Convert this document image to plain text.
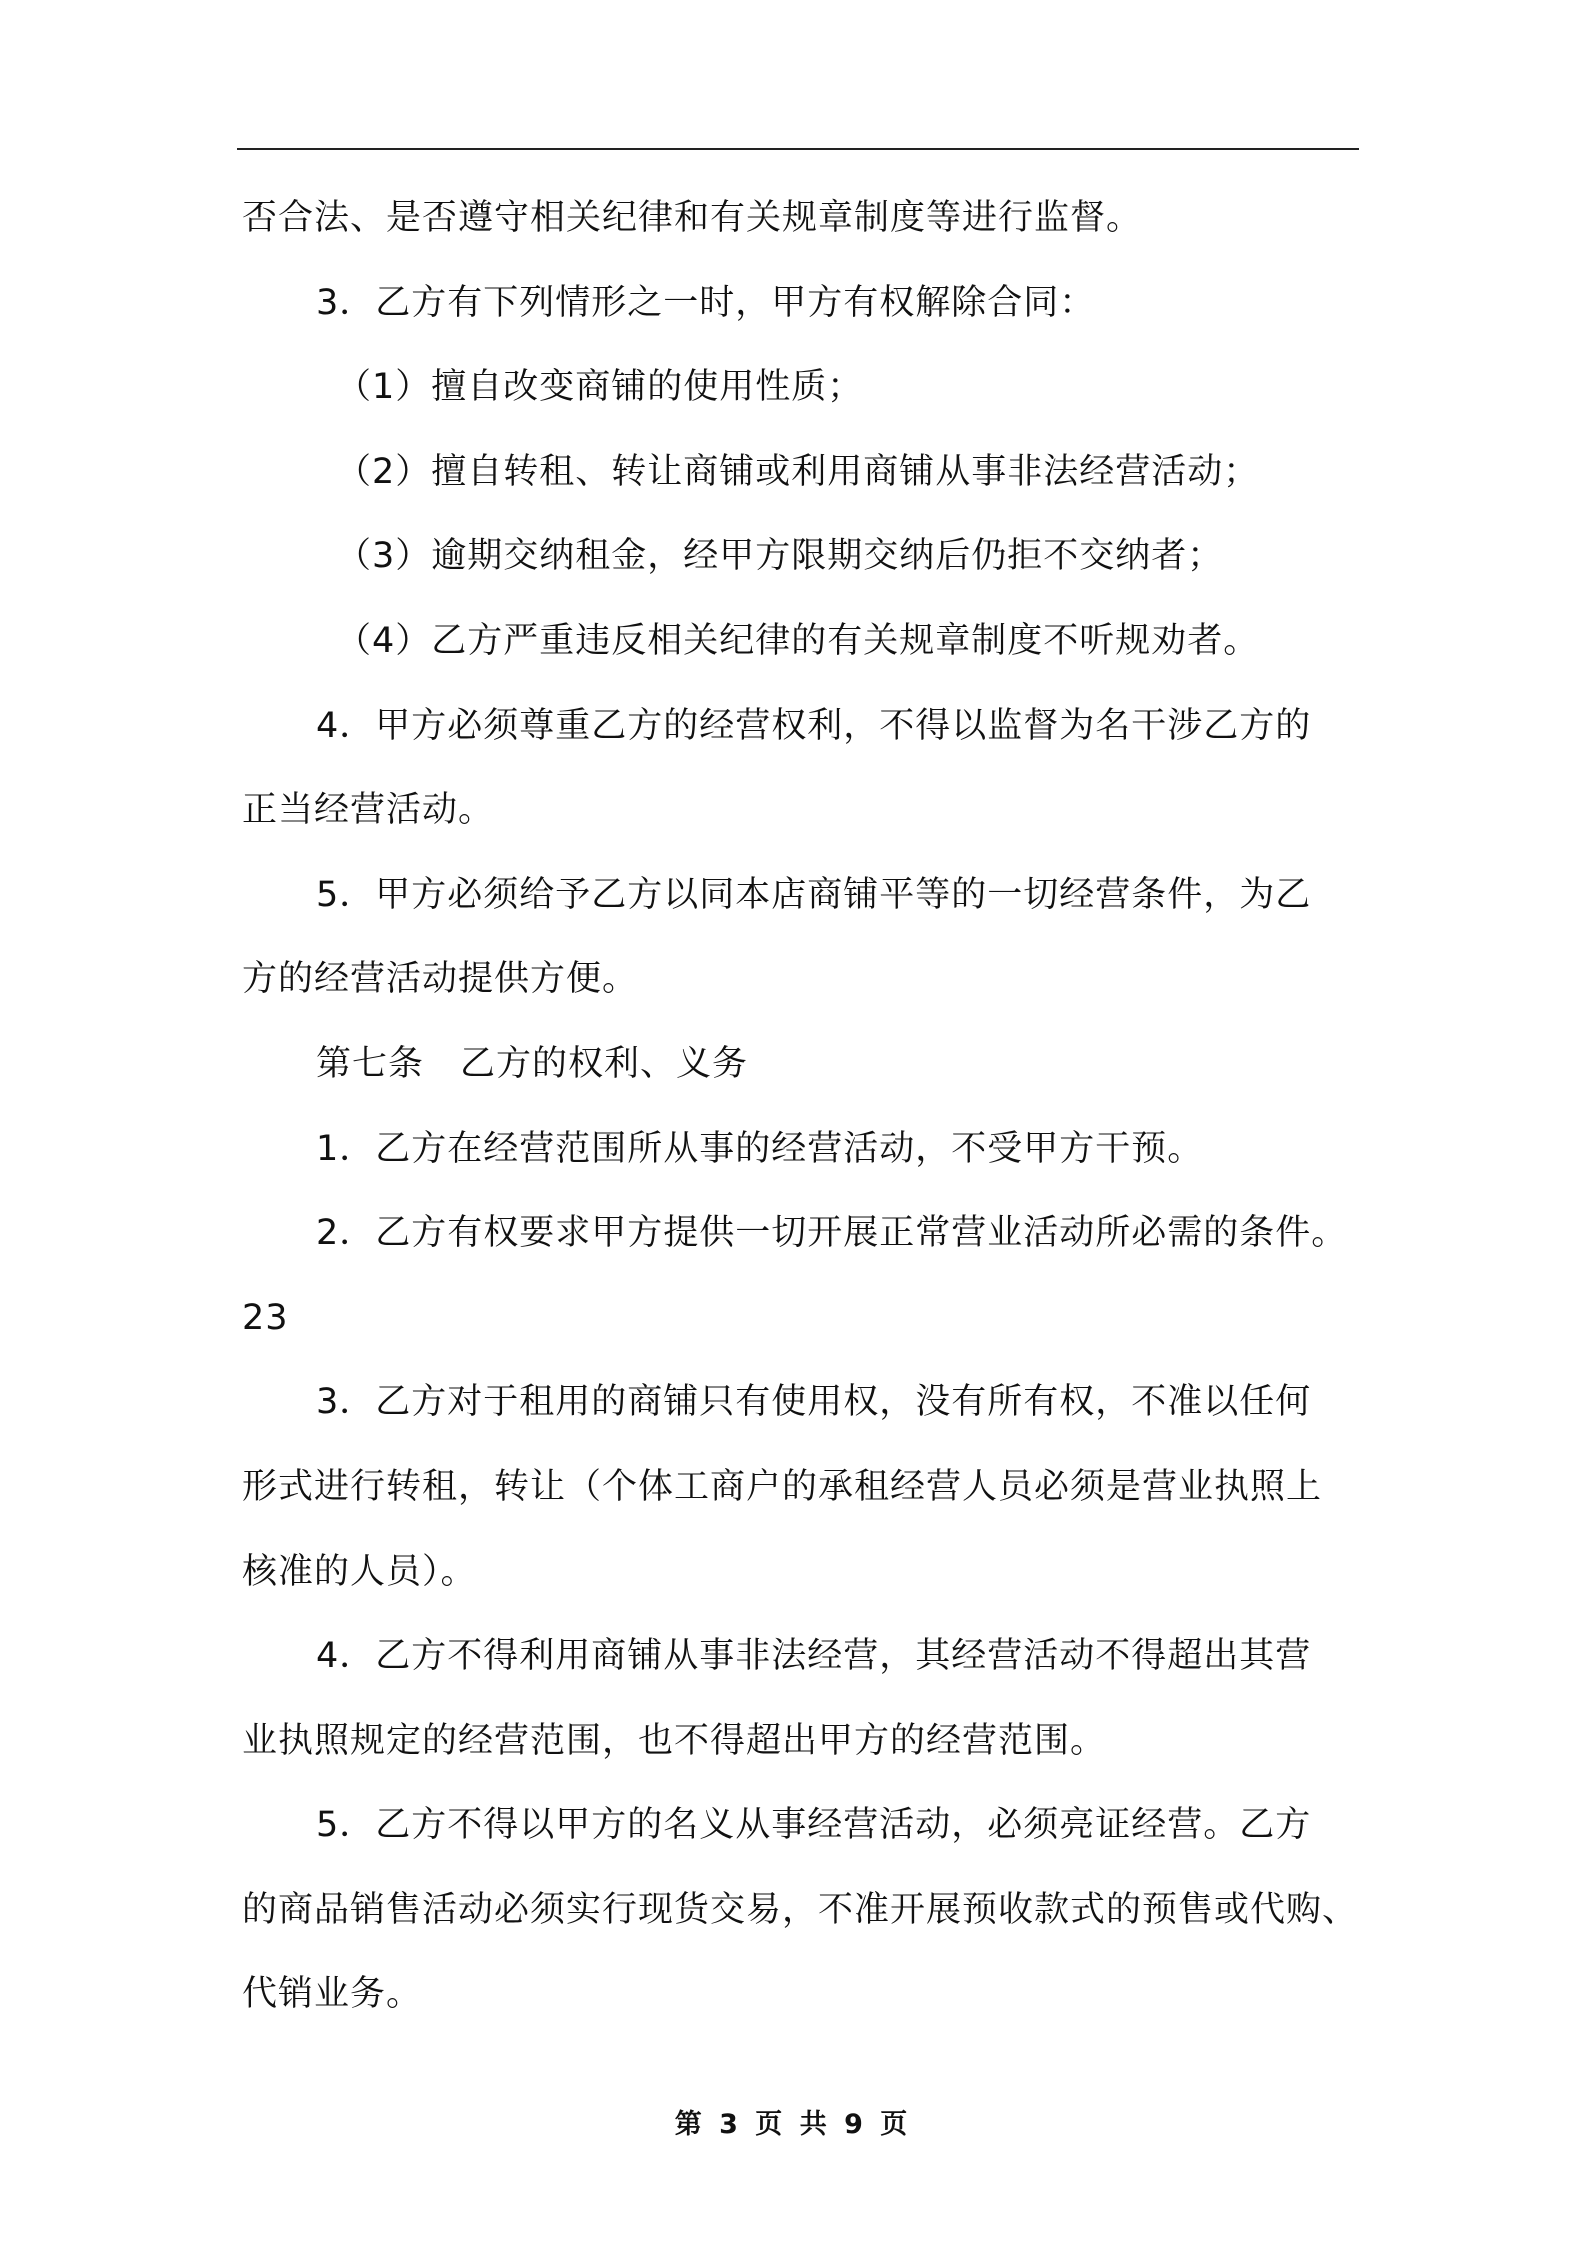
否合法、是否遵守相关纪律和有关规章制度等进行监督。
3．乙方有下列情形之一时，甲方有权解除合同：
（1）擅自改变商铺的使用性质；
（2）擅自转租、转让商铺或利用商铺从事非法经营活动；
（3）逾期交纳租金，经甲方限期交纳后仍拒不交纳者；
（4）乙方严重违反相关纪律的有关规章制度不听规劝者。
4．甲方必须尊重乙方的经营权利，不得以监督为名干涉乙方的
正当经营活动。
5．甲方必须给予乙方以同本店商铺平等的一切经营条件，为乙
方的经营活动提供方便。
第七条　乙方的权利、义务
1．乙方在经营范围所从事的经营活动，不受甲方干预。
2．乙方有权要求甲方提供一切开展正常营业活动所必需的条件。
23
3．乙方对于租用的商铺只有使用权，没有所有权，不准以任何
形式进行转租，转让（个体工商户的承租经营人员必须是营业执照上
核准的人员）。
4．乙方不得利用商铺从事非法经营，其经营活动不得超出其营
业执照规定的经营范围，也不得超出甲方的经营范围。
5．乙方不得以甲方的名义从事经营活动，必须亮证经营。乙方
的商品销售活动必须实行现货交易，不准开展预收款式的预售或代购、
代销业务。
第 3 页 共 9 页
